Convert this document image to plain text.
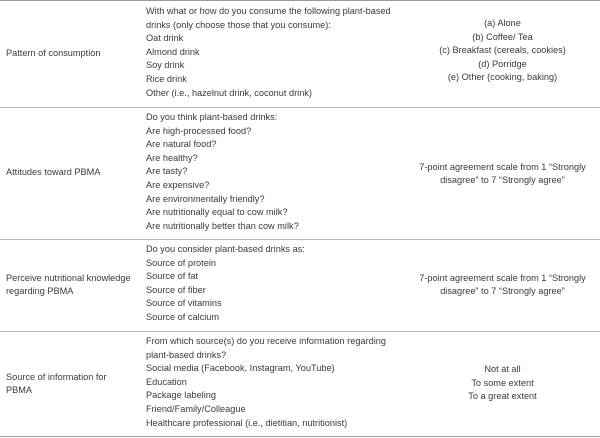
Pattern of consumption
With what or how do you consume the following plant-based
drinks (only choose those that you consume):
Oat drink
Almond drink
Soy drink
Rice drink
Other (i.e., hazelnut drink, coconut drink)
(a) Alone
(b) Coffee/ Tea
(c) Breakfast (cereals, cookies)
(d) Porridge
(e) Other (cooking, baking)
Attitudes toward PBMA
Do you think plant-based drinks:
Are high-processed food?
Are natural food?
Are healthy?
Are tasty?
Are expensive?
Are environmentally friendly?
Are nutritionally equal to cow milk?
Are nutritionally better than cow milk?
7-point agreement scale from 1 “Strongly
disagree” to 7 “Strongly agree”
Perceive nutritional knowledge
regarding PBMA
Do you consider plant-based drinks as:
Source of protein
Source of fat
Source of fiber
Source of vitamins
Source of calcium
7-point agreement scale from 1 “Strongly
disagree” to 7 “Strongly agree”
Source of information for
PBMA
From which source(s) do you receive information regarding
plant-based drinks?
Social media (Facebook, Instagram, YouTube)
Education
Package labeling
Friend/Family/Colleague
Healthcare professional (i.e., dietitian, nutritionist)
Not at all
To some extent
To a great extent
